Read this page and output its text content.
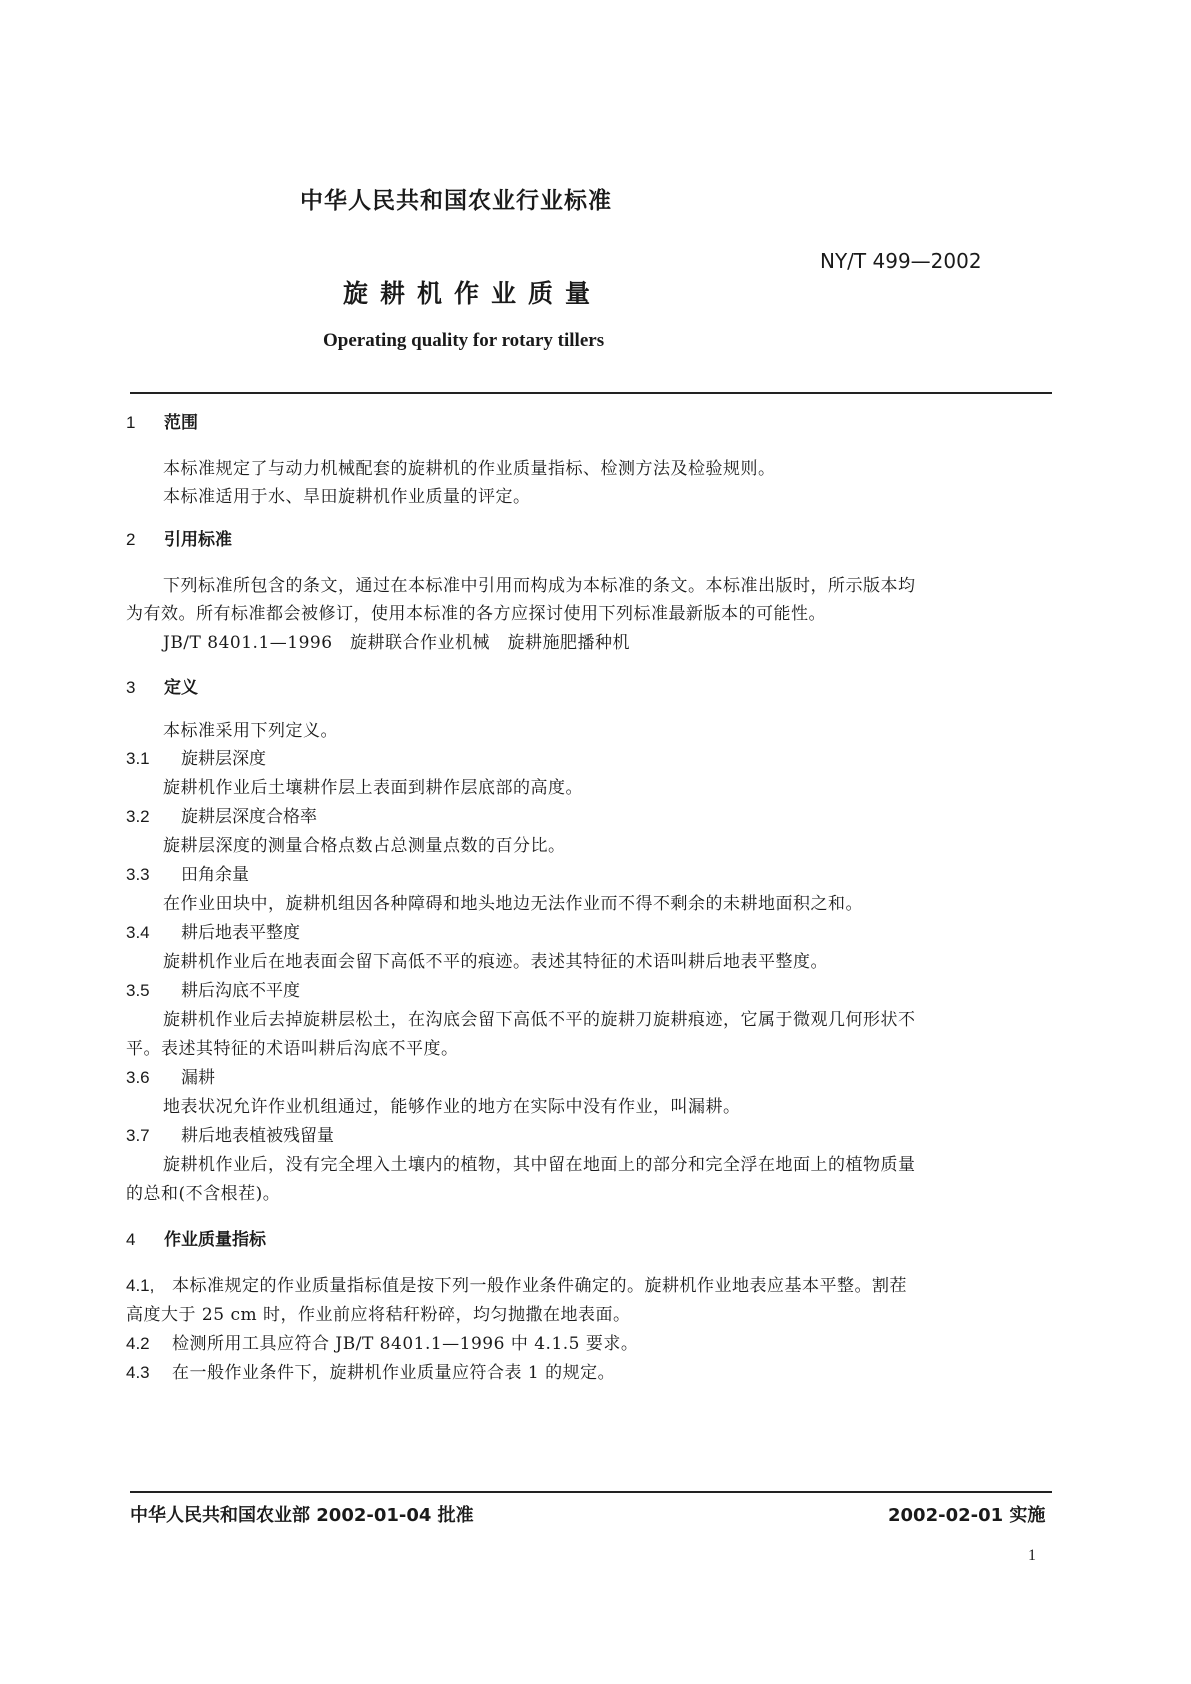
中华人民共和国农业行业标准
NY/T 499—2002
旋耕机作业质量
Operating quality for rotary tillers
1 范围
本标准规定了与动力机械配套的旋耕机的作业质量指标、检测方法及检验规则。
本标准适用于水、旱田旋耕机作业质量的评定。
2 引用标准
下列标准所包含的条文，通过在本标准中引用而构成为本标准的条文。本标准出版时，所示版本均
为有效。所有标准都会被修订，使用本标准的各方应探讨使用下列标准最新版本的可能性。
JB/T 8401.1—1996　旋耕联合作业机械　旋耕施肥播种机
3 定义
本标准采用下列定义。
3.1 旋耕层深度
旋耕机作业后土壤耕作层上表面到耕作层底部的高度。
3.2 旋耕层深度合格率
旋耕层深度的测量合格点数占总测量点数的百分比。
3.3 田角余量
在作业田块中，旋耕机组因各种障碍和地头地边无法作业而不得不剩余的未耕地面积之和。
3.4 耕后地表平整度
旋耕机作业后在地表面会留下高低不平的痕迹。表述其特征的术语叫耕后地表平整度。
3.5 耕后沟底不平度
旋耕机作业后去掉旋耕层松土，在沟底会留下高低不平的旋耕刀旋耕痕迹，它属于微观几何形状不
平。表述其特征的术语叫耕后沟底不平度。
3.6 漏耕
地表状况允许作业机组通过，能够作业的地方在实际中没有作业，叫漏耕。
3.7 耕后地表植被残留量
旋耕机作业后，没有完全埋入土壤内的植物，其中留在地面上的部分和完全浮在地面上的植物质量
的总和(不含根茬)。
4 作业质量指标
4.1, 本标准规定的作业质量指标值是按下列一般作业条件确定的。旋耕机作业地表应基本平整。割茬
高度大于 25 cm 时，作业前应将秸秆粉碎，均匀抛撒在地表面。
4.2 检测所用工具应符合 JB/T 8401.1—1996 中 4.1.5 要求。
4.3 在一般作业条件下，旋耕机作业质量应符合表 1 的规定。
中华人民共和国农业部 2002-01-04 批准	2002-02-01 实施
1
